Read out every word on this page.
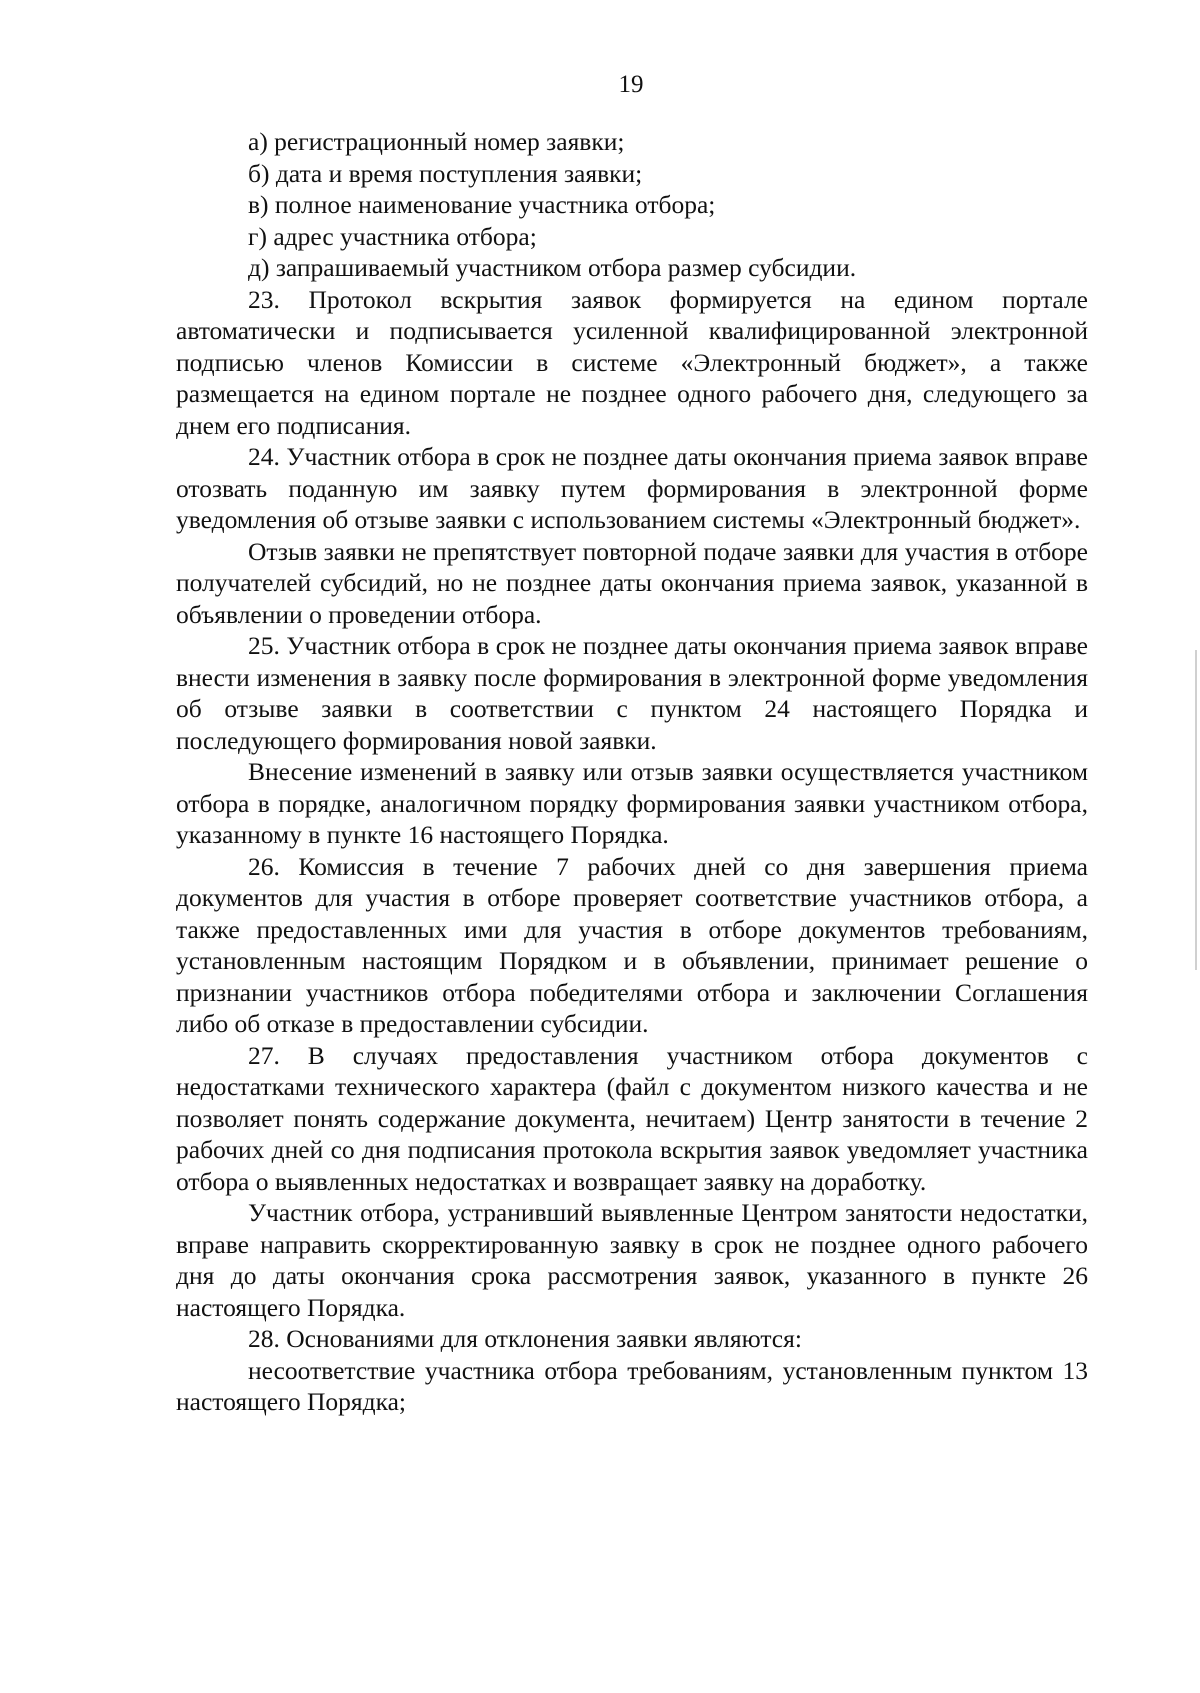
19

а) регистрационный номер заявки;

б) дата и время поступления заявки;

в) полное наименование участника отбора;

г) адрес участника отбора;

д) запрашиваемый участником отбора размер субсидии.

23. Протокол вскрытия заявок формируется на едином портале автоматически и подписывается усиленной квалифицированной электронной подписью членов Комиссии в системе «Электронный бюджет», а также размещается на едином портале не позднее одного рабочего дня, следующего за днем его подписания.

24. Участник отбора в срок не позднее даты окончания приема заявок вправе отозвать поданную им заявку путем формирования в электронной форме уведомления об отзыве заявки с использованием системы «Электронный бюджет».

Отзыв заявки не препятствует повторной подаче заявки для участия в отборе получателей субсидий, но не позднее даты окончания приема заявок, указанной в объявлении о проведении отбора.

25. Участник отбора в срок не позднее даты окончания приема заявок вправе внести изменения в заявку после формирования в электронной форме уведомления об отзыве заявки в соответствии с пунктом 24 настоящего Порядка и последующего формирования новой заявки.

Внесение изменений в заявку или отзыв заявки осуществляется участником отбора в порядке, аналогичном порядку формирования заявки участником отбора, указанному в пункте 16 настоящего Порядка.

26. Комиссия в течение 7 рабочих дней со дня завершения приема документов для участия в отборе проверяет соответствие участников отбора, а также предоставленных ими для участия в отборе документов требованиям, установленным настоящим Порядком и в объявлении, принимает решение о признании участников отбора победителями отбора и заключении Соглашения либо об отказе в предоставлении субсидии.

27. В случаях предоставления участником отбора документов с недостатками технического характера (файл с документом низкого качества и не позволяет понять содержание документа, нечитаем) Центр занятости в течение 2 рабочих дней со дня подписания протокола вскрытия заявок уведомляет участника отбора о выявленных недостатках и возвращает заявку на доработку.

Участник отбора, устранивший выявленные Центром занятости недостатки, вправе направить скорректированную заявку в срок не позднее одного рабочего дня до даты окончания срока рассмотрения заявок, указанного в пункте 26 настоящего Порядка.

28. Основаниями для отклонения заявки являются:

несоответствие участника отбора требованиям, установленным пунктом 13 настоящего Порядка;
